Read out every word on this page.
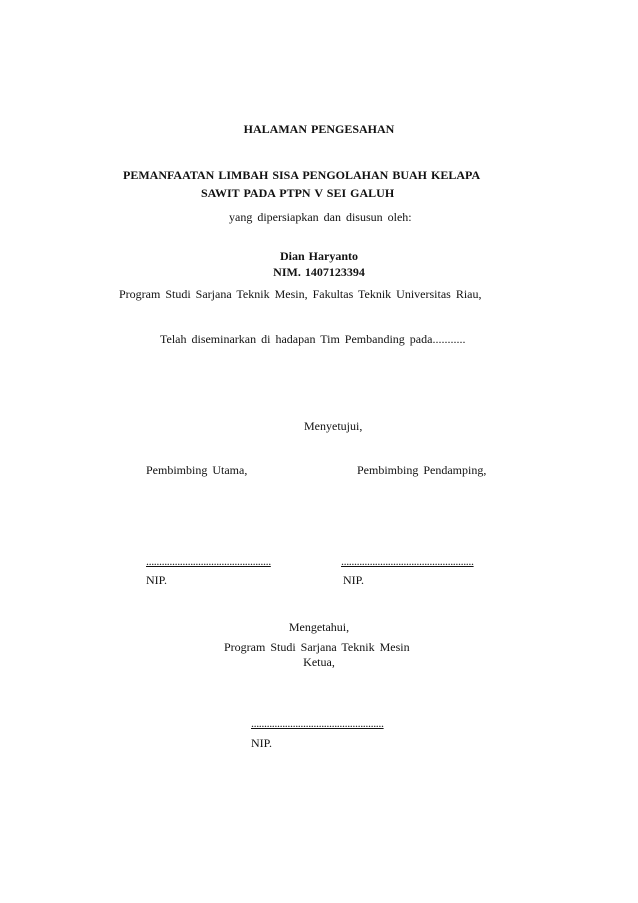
HALAMAN PENGESAHAN
PEMANFAATAN LIMBAH SISA PENGOLAHAN BUAH KELAPA
SAWIT PADA PTPN V SEI GALUH
yang dipersiapkan dan disusun oleh:
Dian Haryanto
NIM. 1407123394
Program Studi Sarjana Teknik Mesin, Fakultas Teknik Universitas Riau,
Telah diseminarkan di hadapan Tim Pembanding pada...........
Menyetujui,
Pembimbing Utama,	Pembimbing Pendamping,
................................................	...................................................
NIP.	NIP.
Mengetahui,
Program Studi Sarjana Teknik Mesin
Ketua,
...................................................
NIP.
